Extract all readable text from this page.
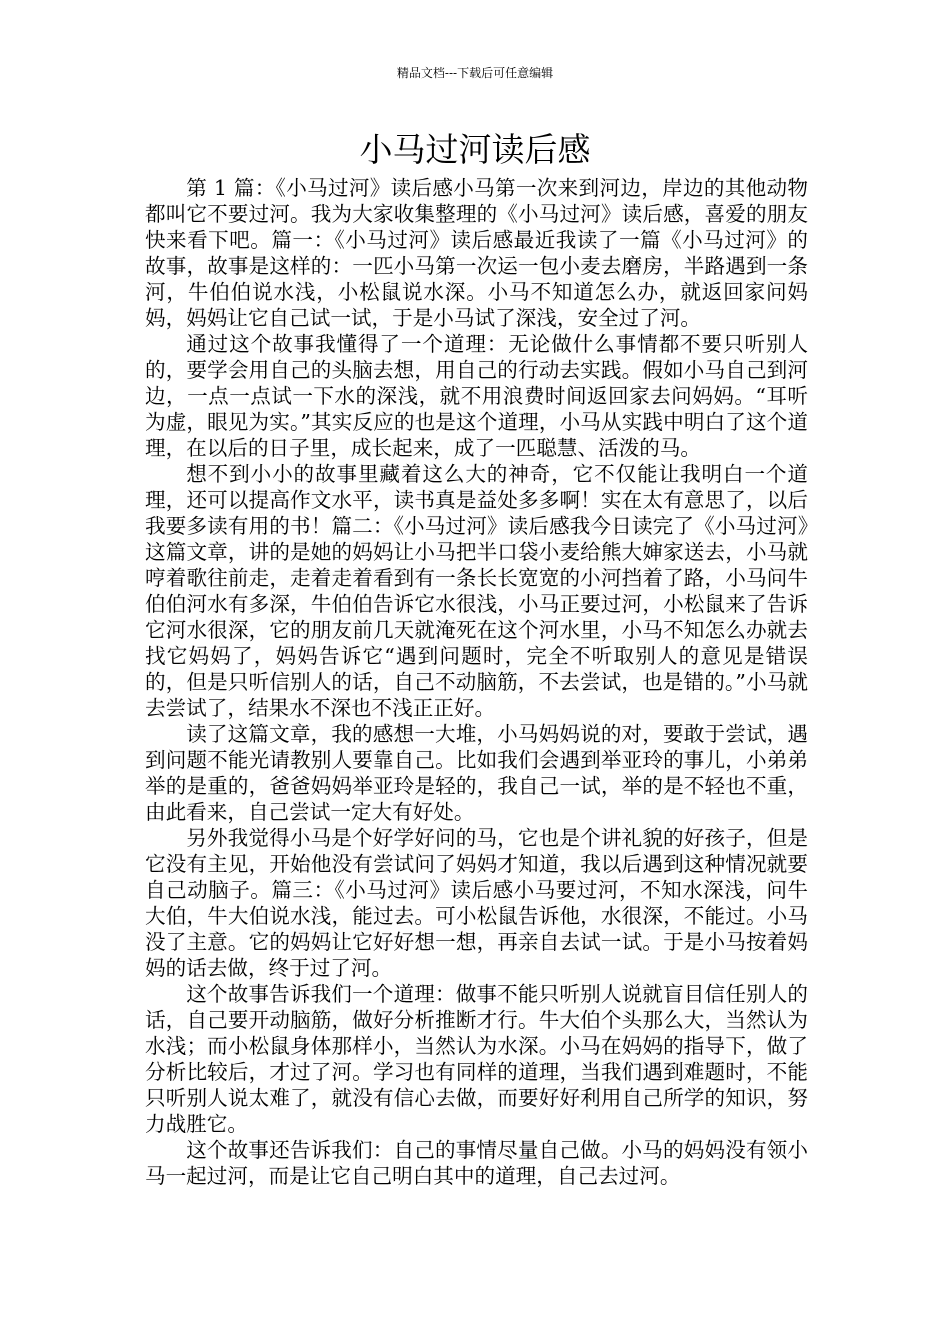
精品文档---下载后可任意编辑
小马过河读后感

第 1 篇：《小马过河》读后感小马第一次来到河边，岸边的其他动物都叫它不要过河。我为大家收集整理的《小马过河》读后感，喜爱的朋友快来看下吧。篇一：《小马过河》读后感最近我读了一篇《小马过河》的故事，故事是这样的：一匹小马第一次运一包小麦去磨房，半路遇到一条河，牛伯伯说水浅，小松鼠说水深。小马不知道怎么办，就返回家问妈妈，妈妈让它自己试一试，于是小马试了深浅，安全过了河。

通过这个故事我懂得了一个道理：无论做什么事情都不要只听别人的，要学会用自己的头脑去想，用自己的行动去实践。假如小马自己到河边，一点一点试一下水的深浅，就不用浪费时间返回家去问妈妈。“耳听为虚，眼见为实。”其实反应的也是这个道理，小马从实践中明白了这个道理，在以后的日子里，成长起来，成了一匹聪慧、活泼的马。

想不到小小的故事里藏着这么大的神奇，它不仅能让我明白一个道理，还可以提高作文水平，读书真是益处多多啊！实在太有意思了，以后我要多读有用的书！篇二：《小马过河》读后感我今日读完了《小马过河》这篇文章，讲的是她的妈妈让小马把半口袋小麦给熊大婶家送去，小马就哼着歌往前走，走着走着看到有一条长长宽宽的小河挡着了路，小马问牛伯伯河水有多深，牛伯伯告诉它水很浅，小马正要过河，小松鼠来了告诉它河水很深，它的朋友前几天就淹死在这个河水里，小马不知怎么办就去找它妈妈了，妈妈告诉它“遇到问题时，完全不听取别人的意见是错误的，但是只听信别人的话，自己不动脑筋，不去尝试，也是错的。”小马就去尝试了，结果水不深也不浅正正好。

读了这篇文章，我的感想一大堆，小马妈妈说的对，要敢于尝试，遇到问题不能光请教别人要靠自己。比如我们会遇到举亚玲的事儿，小弟弟举的是重的，爸爸妈妈举亚玲是轻的，我自己一试，举的是不轻也不重，由此看来，自己尝试一定大有好处。

另外我觉得小马是个好学好问的马，它也是个讲礼貌的好孩子，但是它没有主见，开始他没有尝试问了妈妈才知道，我以后遇到这种情况就要自己动脑子。篇三：《小马过河》读后感小马要过河，不知水深浅，问牛大伯，牛大伯说水浅，能过去。可小松鼠告诉他，水很深，不能过。小马没了主意。它的妈妈让它好好想一想，再亲自去试一试。于是小马按着妈妈的话去做，终于过了河。

这个故事告诉我们一个道理：做事不能只听别人说就盲目信任别人的话，自己要开动脑筋，做好分析推断才行。牛大伯个头那么大，当然认为水浅；而小松鼠身体那样小，当然认为水深。小马在妈妈的指导下，做了分析比较后，才过了河。学习也有同样的道理，当我们遇到难题时，不能只听别人说太难了，就没有信心去做，而要好好利用自己所学的知识，努力战胜它。

这个故事还告诉我们：自己的事情尽量自己做。小马的妈妈没有领小马一起过河，而是让它自己明白其中的道理，自己去过河。
